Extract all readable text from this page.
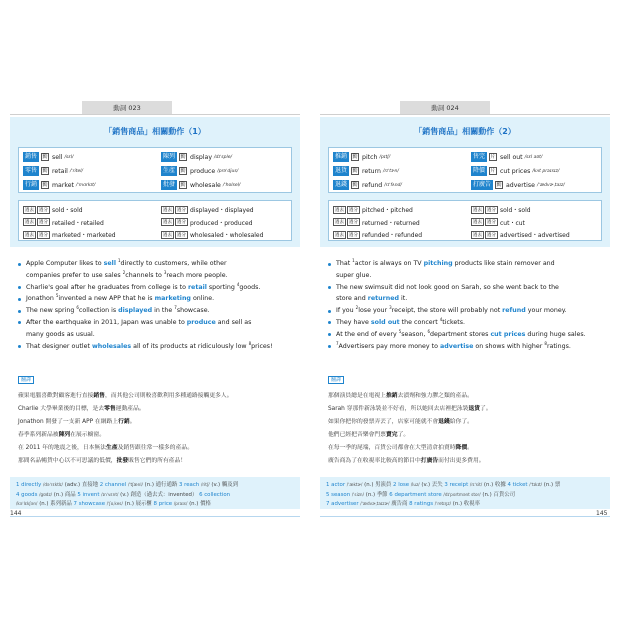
動詞 023
「銷售商品」相關動作（1）
銷售	動 sell /sɛl/	陳列	動 display /dɪˈsple/
零售	動 retail /ˈritel/	生產	動 produce /prəˈdjus/
行銷	動 market /ˈmɑrkɪt/	批發	動 wholesale /ˈholsel/
過去	過分 sold・sold	過去	過分 displayed・displayed
過去	過分 retailed・retailed	過去	過分 produced・produced
過去	過分 marketed・marketed	過去	過分 wholesaled・wholesaled
Apple Computer likes to sell $^1$directly to customers, while other
companies prefer to use sales $^2$channels to $^3$reach more people.
Charlie's goal after he graduates from college is to retail sporting $^4$goods.
Jonathon $^5$invented a new APP that he is marketing online.
The new spring $^6$collection is displayed in the $^7$showcase.
After the earthquake in 2011, Japan was unable to produce and sell as
many goods as usual.
That designer outlet wholesales all of its products at ridiculously low $^8$prices!
翻譯
蘋果電腦喜歡對顧客進行直接銷售，而其他公司則較喜歡利用多種通路接觸更多人。
Charlie 大學畢業後的目標，是去零售運動產品。
Jonathon 開發了一支新 APP 在網路上行銷。
春季系列新品被陳列在展示櫥窗。
在 2011 年的地震之後，日本無法生產及銷售跟往常一樣多的產品。
那間名品暢貨中心以不可思議的低價，批發販售它們的所有產品！
1 directly /dəˈrɛktlɪ/ (adv.) 直接地 2 channel /ˈtʃænl/ (n.) 通行通路 3 reach /ritʃ/ (v.) 觸及到
4 goods /gʊdz/ (n.) 商品 5 invent /ɪnˈvɛnt/ (v.) 創造（過去式：invented） 6 collection
/kəˈlɛkʃən/ (n.) 系列新品 7 showcase /ˈʃoˌkes/ (n.) 展示櫃 8 price /praɪs/ (n.) 價格
144
動詞 024
「銷售商品」相關動作（2）
推銷	動 pitch /pɪtʃ/	售完	片 sell out /sɛl aʊt/
退貨	動 return /rɪˈtɝn/	降價	片 cut prices /kʌt praɪsɪz/
退錢	動 refund /rɪˈfʌnd/	打廣告	動 advertise /ˈædvɚˌtaɪz/
過去	過分 pitched・pitched	過去	過分 sold・sold
過去	過分 returned・returned	過去	過分 cut・cut
過去	過分 refunded・refunded	過去	過分 advertised・advertised
That $^1$actor is always on TV pitching products like stain remover and
super glue.
The new swimsuit did not look good on Sarah, so she went back to the
store and returned it.
If you $^2$lose your $^3$receipt, the store will probably not refund your money.
They have sold out the concert $^4$tickets.
At the end of every $^5$season, $^6$department stores cut prices during huge sales.
$^7$Advertisers pay more money to advertise on shows with higher $^8$ratings.
翻譯
那個演員總是在電視上推銷去漬劑和強力膠之類的產品。
Sarah 穿那件新泳裝並不好看，所以她回去店裡把泳裝退貨了。
如果你把你的發票弄丟了，店家可能就不會退錢給你了。
他們已經把音樂會門票賣完了。
在每一季的尾端，百貨公司都會在大型清倉拍賣時降價。
廣告商為了在收視率比較高的節目中打廣告而付出更多費用。
1 actor /ˈæktɚ/ (n.) 男演員 2 lose /luz/ (v.) 丟失 3 receipt /rɪˈsit/ (n.) 收據 4 ticket /ˈtɪkɪt/ (n.) 票
5 season /ˈsizn/ (n.) 季節 6 department store /dɪˈpɑrtmənt stor/ (n.) 百貨公司
7 advertiser /ˈædvɚˌtaɪzɚ/ 廣告商 8 ratings /ˈretɪŋz/ (n.) 收視率
145
